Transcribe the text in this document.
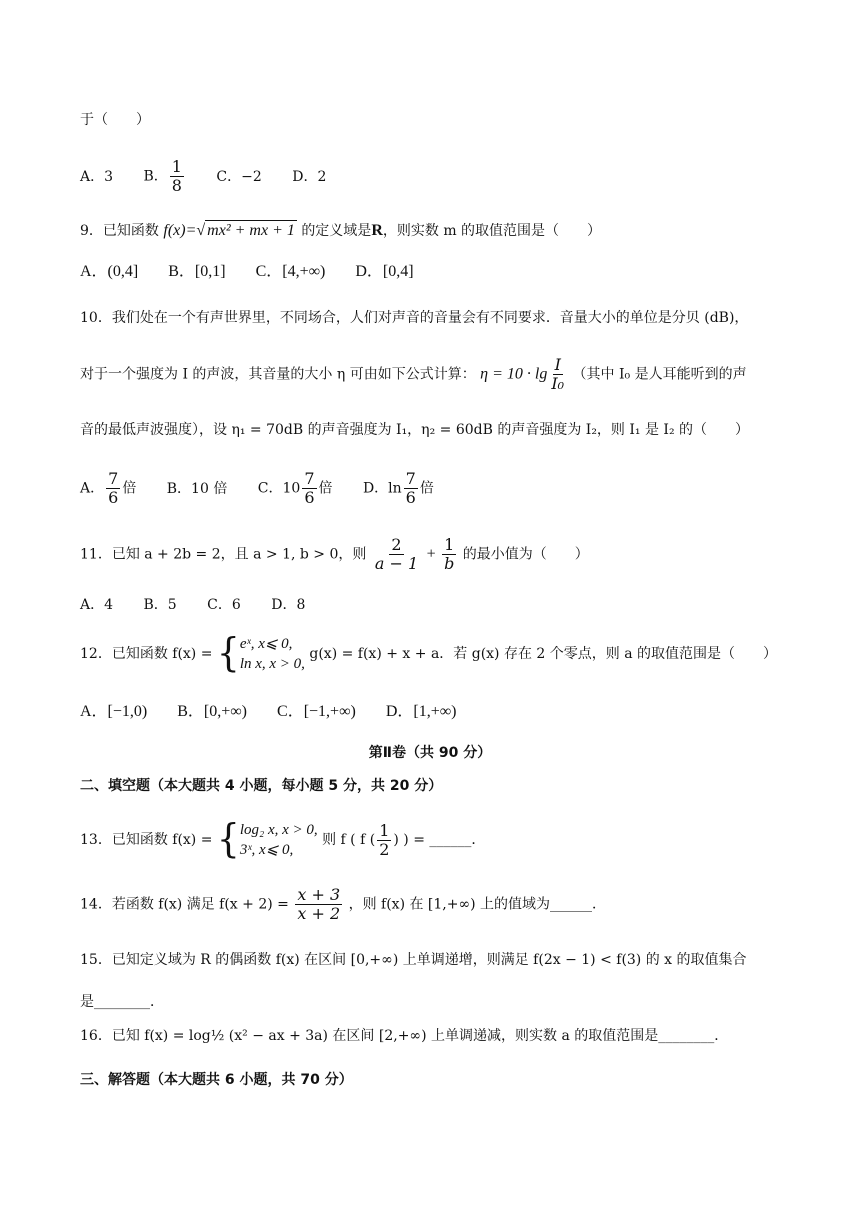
于（　　）
A．3 B． $\frac{1}{8}$ C．−2 D．2
9．已知函数 f(x)=√ mx² + mx + 1 的定义域是R，则实数 m 的取值范围是（　　）
A．(0,4] B．[0,1] C．[4,+∞) D．[0,4]
10．我们处在一个有声世界里，不同场合，人们对声音的音量会有不同要求．音量大小的单位是分贝 (dB)，
对于一个强度为 I 的声波，其音量的大小 η 可由如下公式计算： $\eta = 10 \cdot \lg \frac{I}{\text{I₀}}$ （其中 I₀ 是人耳能听到的声
音的最低声波强度），设 η₁ = 70dB 的声音强度为 I₁，η₂ = 60dB 的声音强度为 I₂，则 I₁ 是 I₂ 的（　　）
A． $\frac{7}{6}$ 倍 B．10 倍 C．$10 \frac{7}{6}$ 倍 D．$\ln \frac{7}{6}$ 倍
11．已知 a + 2b = 2，且 a > 1, b > 0，则 $\frac{2}{a - 1} + \frac{1}{b}$ 的最小值为（　　）
A．4 B．5 C．6 D．8
12．已知函数 f(x) = { eˣ, x⩽ 0,
ln x, x > 0,
g(x) = f(x) + x + a．若 g(x) 存在 2 个零点，则 a 的取值范围是（　　）
A．[−1,0) B．[0,+∞) C．[−1,+∞) D．[1,+∞)
第Ⅱ卷（共 90 分）
二、填空题（本大题共 4 小题，每小题 5 分，共 20 分）
13．已知函数 f(x) = { log₂ x, x > 0,
3ˣ, x⩽ 0,
则 f ( f ( $\frac{1}{2}$ ) ) = ______．
14．若函数 f(x) 满足 $f(x + 2) = \frac{x + 3}{x + 2}$ ，则 f(x) 在 [1,+∞) 上的值域为______．
15．已知定义域为 R 的偶函数 f(x) 在区间 [0,+∞) 上单调递增，则满足 f(2x − 1) < f(3) 的 x 的取值集合
是________．
16．已知 f(x) = log½ (x² − ax + 3a) 在区间 [2,+∞) 上单调递减，则实数 a 的取值范围是________．
三、解答题（本大题共 6 小题，共 70 分）
